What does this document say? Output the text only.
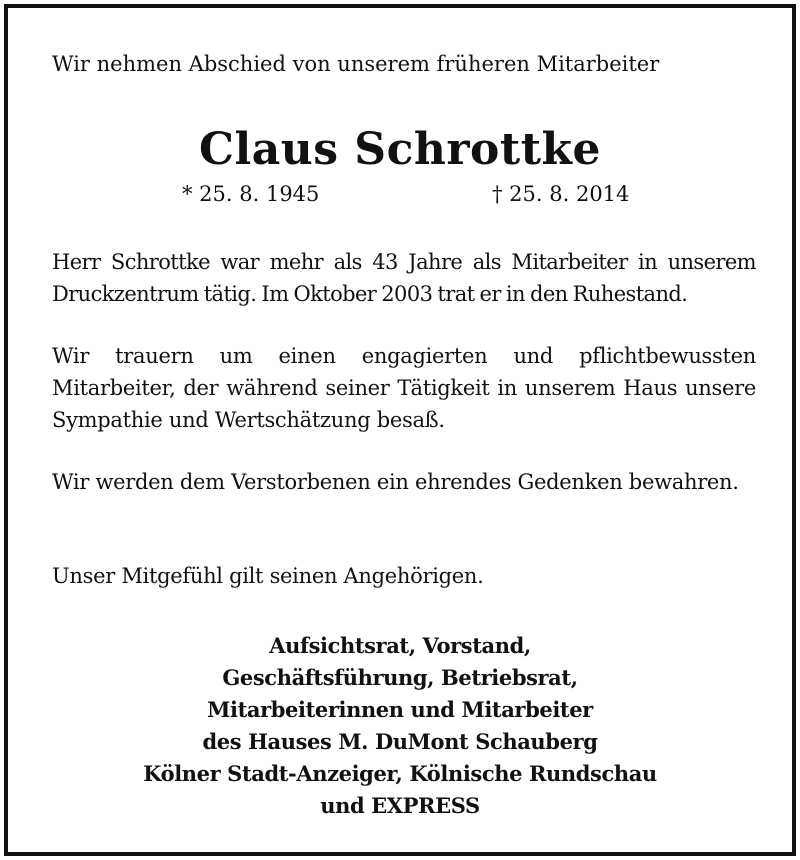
Wir nehmen Abschied von unserem früheren Mitarbeiter
Claus Schrottke
* 25. 8. 1945	† 25. 8. 2014
Herr Schrottke war mehr als 43 Jahre als Mitarbeiter in unserem Druckzentrum tätig. Im Oktober 2003 trat er in den Ruhestand.
Wir trauern um einen engagierten und pflichtbewussten Mitarbeiter, der während seiner Tätigkeit in unserem Haus unsere Sympathie und Wertschätzung besaß.
Wir werden dem Verstorbenen ein ehrendes Gedenken bewahren.
Unser Mitgefühl gilt seinen Angehörigen.
Aufsichtsrat, Vorstand,
Geschäftsführung, Betriebsrat,
Mitarbeiterinnen und Mitarbeiter
des Hauses M. DuMont Schauberg
Kölner Stadt-Anzeiger, Kölnische Rundschau
und EXPRESS
